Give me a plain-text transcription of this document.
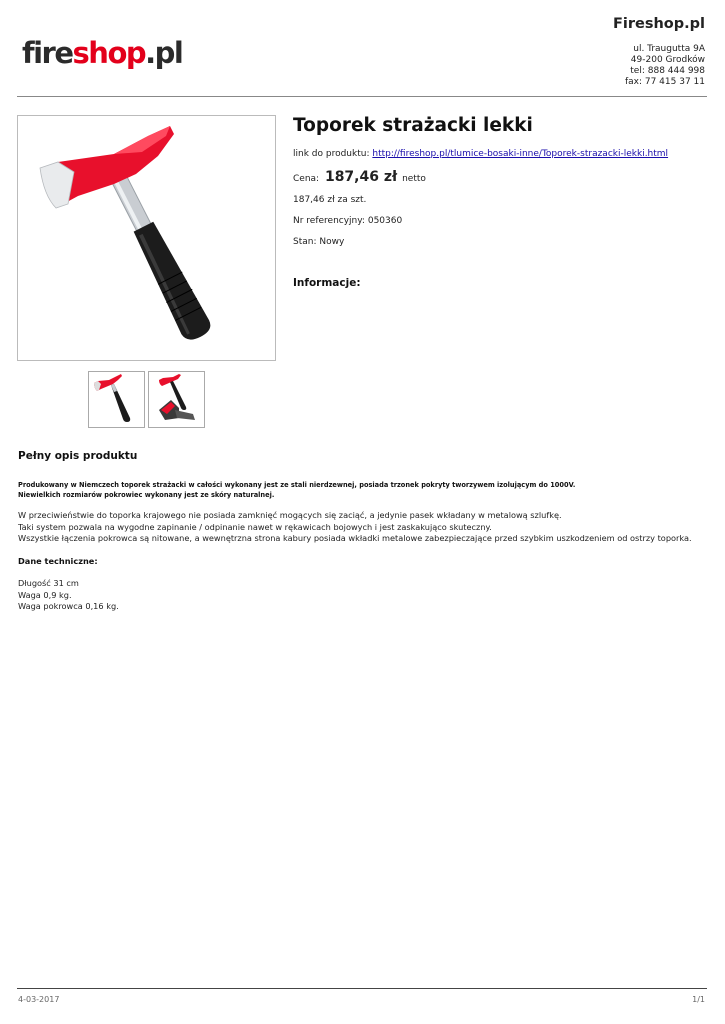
fireshop.pl
Fireshop.pl
ul. Traugutta 9A
49-200 Grodków
tel: 888 444 998
fax: 77 415 37 11
Toporek strażacki lekki
link do produktu: http://fireshop.pl/tlumice-bosaki-inne/Toporek-strazacki-lekki.html
Cena: 187,46 zł netto
187,46 zł za szt.
Nr referencyjny: 050360
Stan: Nowy
Informacje:
Pełny opis produktu
Produkowany w Niemczech toporek strażacki w całości wykonany jest ze stali nierdzewnej, posiada trzonek pokryty tworzywem izolującym do 1000V.
Niewielkich rozmiarów pokrowiec wykonany jest ze skóry naturalnej.
W przeciwieństwie do toporka krajowego nie posiada zamknięć mogących się zaciąć, a jedynie pasek wkładany w metalową szlufkę.
Taki system pozwala na wygodne zapinanie / odpinanie nawet w rękawicach bojowych i jest zaskakująco skuteczny.
Wszystkie łączenia pokrowca są nitowane, a wewnętrzna strona kabury posiada wkładki metalowe zabezpieczające przed szybkim uszkodzeniem od ostrzy toporka.
Dane techniczne:
Długość 31 cm
Waga 0,9 kg.
Waga pokrowca 0,16 kg.
4-03-2017	1/1
